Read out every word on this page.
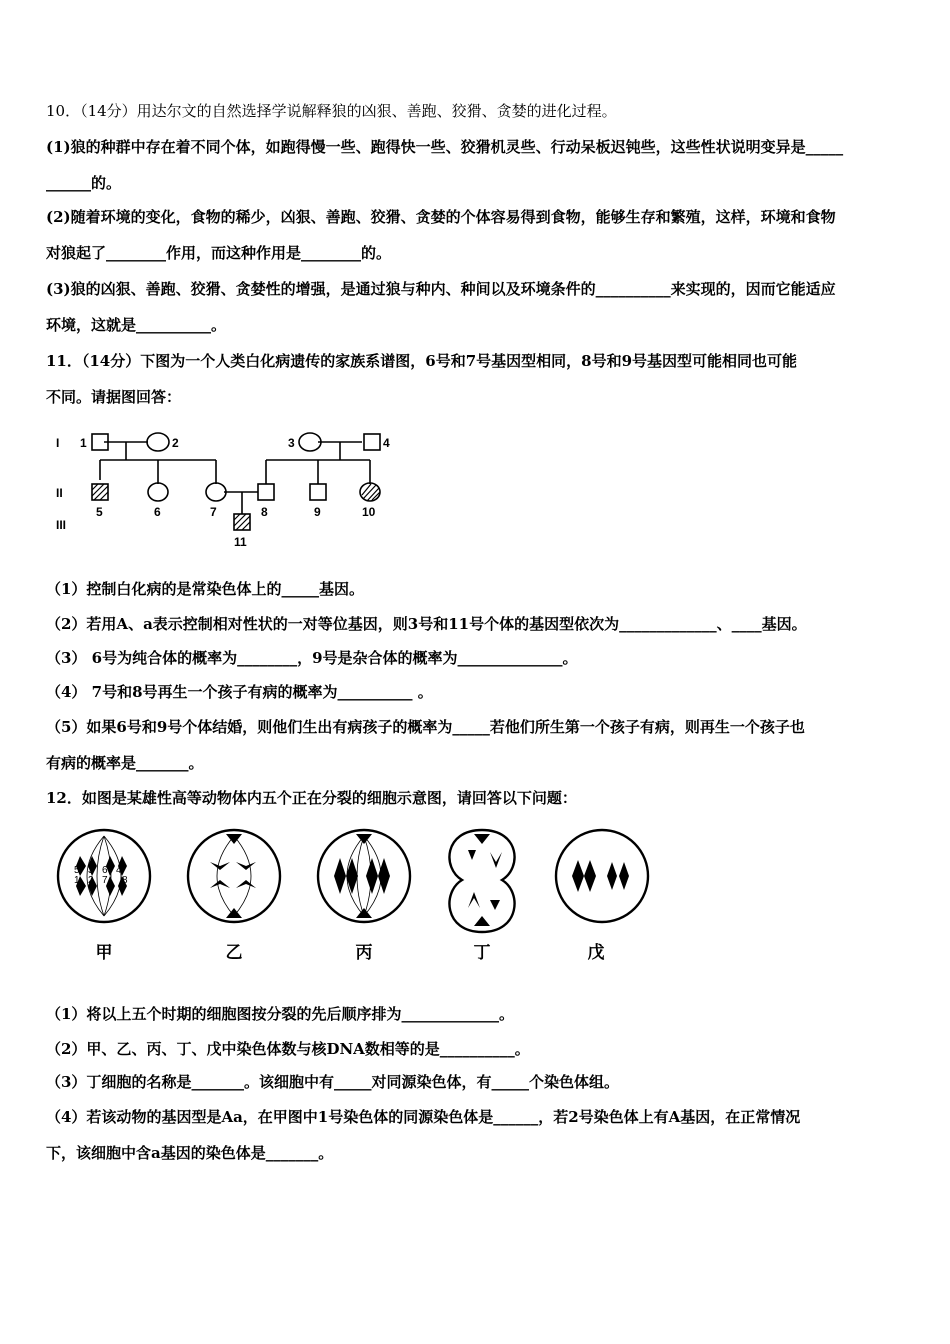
10．（14分）用达尔文的自然选择学说解释狼的凶狠、善跑、狡猾、贪婪的进化过程。
(1)狼的种群中存在着不同个体，如跑得慢一些、跑得快一些、狡猾机灵些、行动呆板迟钝些，这些性状说明变异是_____
______的。
(2)随着环境的变化，食物的稀少，凶狠、善跑、狡猾、贪婪的个体容易得到食物，能够生存和繁殖，这样，环境和食物
对狼起了________作用，而这种作用是________的。
(3)狼的凶狠、善跑、狡猾、贪婪性的增强，是通过狼与种内、种间以及环境条件的__________来实现的，因而它能适应
环境，这就是__________。
11．（14分）下图为一个人类白化病遗传的家族系谱图，6号和7号基因型相同，8号和9号基因型可能相同也可能
不同。请据图回答：
I
II
III
1	2	3	4
5	6	7	8	9	10
11
（1）控制白化病的是常染色体上的_____基因。
（2）若用A、a表示控制相对性状的一对等位基因，则3号和11号个体的基因型依次为_____________、____基因。
（3） 6号为纯合体的概率为________，9号是杂合体的概率为______________。
（4） 7号和8号再生一个孩子有病的概率为__________ 。
（5）如果6号和9号个体结婚，则他们生出有病孩子的概率为_____若他们所生第一个孩子有病，则再生一个孩子也
有病的概率是_______。
12．如图是某雄性高等动物体内五个正在分裂的细胞示意图，请回答以下问题：
1 2
3 4
5 6
7 8
甲	乙	丙	丁	戊
（1）将以上五个时期的细胞图按分裂的先后顺序排为_____________。
（2）甲、乙、丙、丁、戊中染色体数与核DNA数相等的是__________。
（3）丁细胞的名称是_______。该细胞中有_____对同源染色体，有_____个染色体组。
（4）若该动物的基因型是Aa，在甲图中1号染色体的同源染色体是______，若2号染色体上有A基因，在正常情况
下，该细胞中含a基因的染色体是_______。
